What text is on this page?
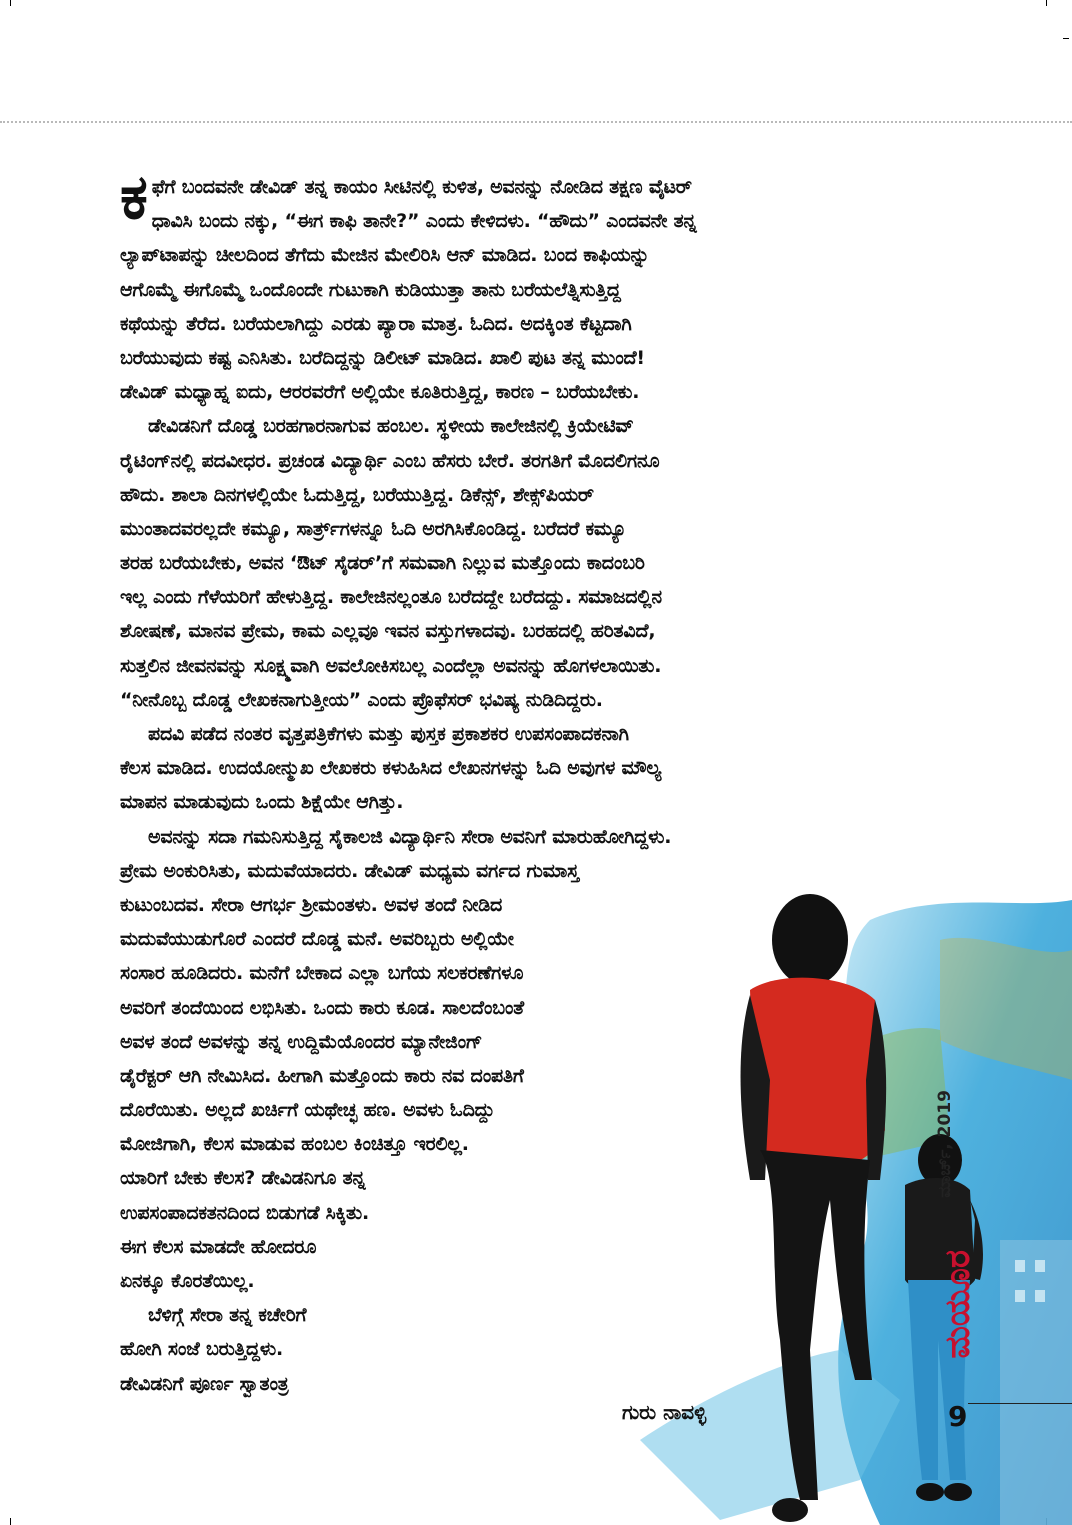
ಕ ಫೆಗೆ ಬಂದವನೇ ಡೇವಿಡ್ ತನ್ನ ಕಾಯಂ ಸೀಟಿನಲ್ಲಿ ಕುಳಿತ, ಅವನನ್ನು ನೋಡಿದ ತಕ್ಷಣ ವೈಟರ್
ಧಾವಿಸಿ ಬಂದು ನಕ್ಕು, “ಈಗ ಕಾಫಿ ತಾನೇ?” ಎಂದು ಕೇಳಿದಳು. “ಹೌದು” ಎಂದವನೇ ತನ್ನ
ಲ್ಯಾಪ್‌ಟಾಪನ್ನು ಚೀಲದಿಂದ ತೆಗೆದು ಮೇಜಿನ ಮೇಲಿರಿಸಿ ಆನ್ ಮಾಡಿದ. ಬಂದ ಕಾಫಿಯನ್ನು
ಆಗೊಮ್ಮೆ ಈಗೊಮ್ಮೆ ಒಂದೊಂದೇ ಗುಟುಕಾಗಿ ಕುಡಿಯುತ್ತಾ ತಾನು ಬರೆಯಲೆತ್ನಿಸುತ್ತಿದ್ದ
ಕಥೆಯನ್ನು ತೆರೆದ. ಬರೆಯಲಾಗಿದ್ದು ಎರಡು ಪ್ಯಾರಾ ಮಾತ್ರ. ಓದಿದ. ಅದಕ್ಕಿಂತ ಕೆಟ್ಟದಾಗಿ
ಬರೆಯುವುದು ಕಷ್ಟ ಎನಿಸಿತು. ಬರೆದಿದ್ದನ್ನು ಡಿಲೀಟ್ ಮಾಡಿದ. ಖಾಲಿ ಪುಟ ತನ್ನ ಮುಂದೆ!
ಡೇವಿಡ್ ಮಧ್ಯಾಹ್ನ ಐದು, ಆರರವರೆಗೆ ಅಲ್ಲಿಯೇ ಕೂತಿರುತ್ತಿದ್ದ, ಕಾರಣ – ಬರೆಯಬೇಕು.

ಡೇವಿಡನಿಗೆ ದೊಡ್ಡ ಬರಹಗಾರನಾಗುವ ಹಂಬಲ. ಸ್ಥಳೀಯ ಕಾಲೇಜಿನಲ್ಲಿ ಕ್ರಿಯೇಟಿವ್
ರೈಟಿಂಗ್‌ನಲ್ಲಿ ಪದವೀಧರ. ಪ್ರಚಂಡ ವಿದ್ಯಾರ್ಥಿ ಎಂಬ ಹೆಸರು ಬೇರೆ. ತರಗತಿಗೆ ಮೊದಲಿಗನೂ
ಹೌದು. ಶಾಲಾ ದಿನಗಳಲ್ಲಿಯೇ ಓದುತ್ತಿದ್ದ, ಬರೆಯುತ್ತಿದ್ದ. ಡಿಕೆನ್ಸ್, ಶೇಕ್ಸ್‌ಪಿಯರ್
ಮುಂತಾದವರಲ್ಲದೇ ಕಮ್ಯೂ, ಸಾರ್ತ್ರ್‌ಗಳನ್ನೂ ಓದಿ ಅರಗಿಸಿಕೊಂಡಿದ್ದ. ಬರೆದರೆ ಕಮ್ಯೂ
ತರಹ ಬರೆಯಬೇಕು, ಅವನ ‘ಔಟ್ ಸೈಡರ್’ಗೆ ಸಮವಾಗಿ ನಿಲ್ಲುವ ಮತ್ತೊಂದು ಕಾದಂಬರಿ
ಇಲ್ಲ ಎಂದು ಗೆಳೆಯರಿಗೆ ಹೇಳುತ್ತಿದ್ದ. ಕಾಲೇಜಿನಲ್ಲಂತೂ ಬರೆದದ್ದೇ ಬರೆದದ್ದು. ಸಮಾಜದಲ್ಲಿನ
ಶೋಷಣೆ, ಮಾನವ ಪ್ರೇಮ, ಕಾಮ ಎಲ್ಲವೂ ಇವನ ವಸ್ತುಗಳಾದವು. ಬರಹದಲ್ಲಿ ಹರಿತವಿದೆ,
ಸುತ್ತಲಿನ ಜೀವನವನ್ನು ಸೂಕ್ಷ್ಮವಾಗಿ ಅವಲೋಕಿಸಬಲ್ಲ ಎಂದೆಲ್ಲಾ ಅವನನ್ನು ಹೊಗಳಲಾಯಿತು.
“ನೀನೊಬ್ಬ ದೊಡ್ಡ ಲೇಖಕನಾಗುತ್ತೀಯ” ಎಂದು ಪ್ರೊಫೆಸರ್ ಭವಿಷ್ಯ ನುಡಿದಿದ್ದರು.

ಪದವಿ ಪಡೆದ ನಂತರ ವೃತ್ತಪತ್ರಿಕೆಗಳು ಮತ್ತು ಪುಸ್ತಕ ಪ್ರಕಾಶಕರ ಉಪಸಂಪಾದಕನಾಗಿ
ಕೆಲಸ ಮಾಡಿದ. ಉದಯೋನ್ಮುಖ ಲೇಖಕರು ಕಳುಹಿಸಿದ ಲೇಖನಗಳನ್ನು ಓದಿ ಅವುಗಳ ಮೌಲ್ಯ
ಮಾಪನ ಮಾಡುವುದು ಒಂದು ಶಿಕ್ಷೆಯೇ ಆಗಿತ್ತು.

ಅವನನ್ನು ಸದಾ ಗಮನಿಸುತ್ತಿದ್ದ ಸೈಕಾಲಜಿ ವಿದ್ಯಾರ್ಥಿನಿ ಸೇರಾ ಅವನಿಗೆ ಮಾರುಹೋಗಿದ್ದಳು.
ಪ್ರೇಮ ಅಂಕುರಿಸಿತು, ಮದುವೆಯಾದರು. ಡೇವಿಡ್ ಮಧ್ಯಮ ವರ್ಗದ ಗುಮಾಸ್ತ
ಕುಟುಂಬದವ. ಸೇರಾ ಆಗರ್ಭ ಶ್ರೀಮಂತಳು. ಅವಳ ತಂದೆ ನೀಡಿದ
ಮದುವೆಯುಡುಗೊರೆ ಎಂದರೆ ದೊಡ್ಡ ಮನೆ. ಅವರಿಬ್ಬರು ಅಲ್ಲಿಯೇ
ಸಂಸಾರ ಹೂಡಿದರು. ಮನೆಗೆ ಬೇಕಾದ ಎಲ್ಲಾ ಬಗೆಯ ಸಲಕರಣೆಗಳೂ
ಅವರಿಗೆ ತಂದೆಯಿಂದ ಲಭಿಸಿತು. ಒಂದು ಕಾರು ಕೂಡ. ಸಾಲದೆಂಬಂತೆ
ಅವಳ ತಂದೆ ಅವಳನ್ನು ತನ್ನ ಉದ್ದಿಮೆಯೊಂದರ ಮ್ಯಾನೇಜಿಂಗ್
ಡೈರೆಕ್ಟರ್ ಆಗಿ ನೇಮಿಸಿದ. ಹೀಗಾಗಿ ಮತ್ತೊಂದು ಕಾರು ನವ ದಂಪತಿಗೆ
ದೊರೆಯಿತು. ಅಲ್ಲದೆ ಖರ್ಚಿಗೆ ಯಥೇಚ್ಛ ಹಣ. ಅವಳು ಓದಿದ್ದು
ಮೋಜಿಗಾಗಿ, ಕೆಲಸ ಮಾಡುವ ಹಂಬಲ ಕಿಂಚಿತ್ತೂ ಇರಲಿಲ್ಲ.
ಯಾರಿಗೆ ಬೇಕು ಕೆಲಸ? ಡೇವಿಡನಿಗೂ ತನ್ನ
ಉಪಸಂಪಾದಕತನದಿಂದ ಬಿಡುಗಡೆ ಸಿಕ್ಕಿತು.
ಈಗ ಕೆಲಸ ಮಾಡದೇ ಹೋದರೂ
ಏನಕ್ಕೂ ಕೊರತೆಯಿಲ್ಲ.

ಬೆಳಿಗ್ಗೆ ಸೇರಾ ತನ್ನ ಕಚೇರಿಗೆ
ಹೋಗಿ ಸಂಜೆ ಬರುತ್ತಿದ್ದಳು.
ಡೇವಿಡನಿಗೆ ಪೂರ್ಣ ಸ್ವಾತಂತ್ರ

ಗುರು ನಾವಳ್ಳಿ
ಮಾರ್ಚ್, 2019
ಮಯೂರ
9
